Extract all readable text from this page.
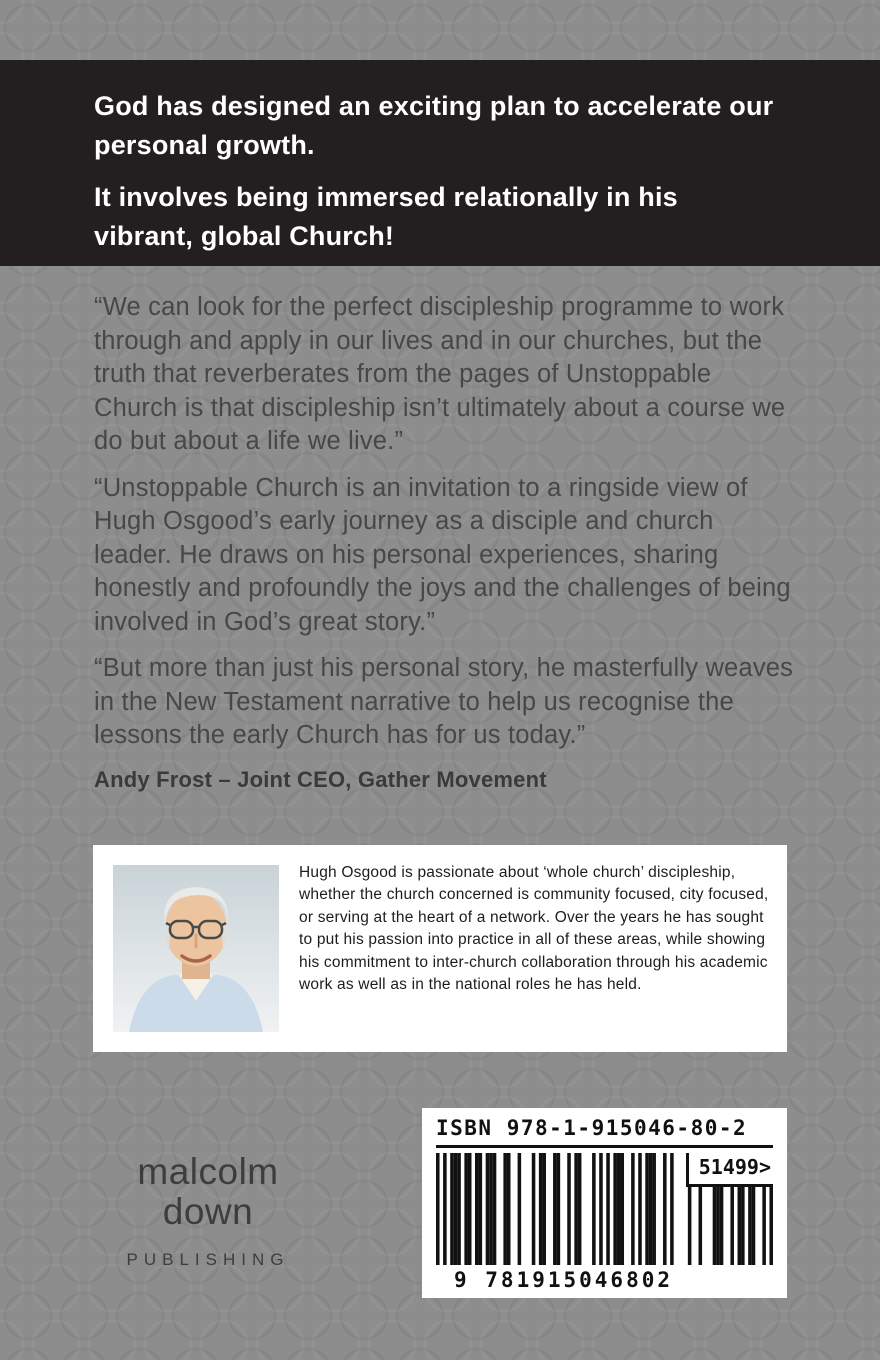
God has designed an exciting plan to accelerate our personal growth.

It involves being immersed relationally in his vibrant, global Church!

“We can look for the perfect discipleship programme to work through and apply in our lives and in our churches, but the truth that reverberates from the pages of Unstoppable Church is that discipleship isn’t ultimately about a course we do but about a life we live.”

“Unstoppable Church is an invitation to a ringside view of Hugh Osgood’s early journey as a disciple and church leader. He draws on his personal experiences, sharing honestly and profoundly the joys and the challenges of being involved in God’s great story.”

“But more than just his personal story, he masterfully weaves in the New Testament narrative to help us recognise the lessons the early Church has for us today.”

Andy Frost – Joint CEO, Gather Movement

Hugh Osgood is passionate about ‘whole church’ discipleship, whether the church concerned is community focused, city focused, or serving at the heart of a network. Over the years he has sought to put his passion into practice in all of these areas, while showing his commitment to inter-church collaboration through his academic work as well as in the national roles he has held.

malcolm down
PUBLISHING
ISBN 978-1-915046-80-2
51499>
9 781915046802
